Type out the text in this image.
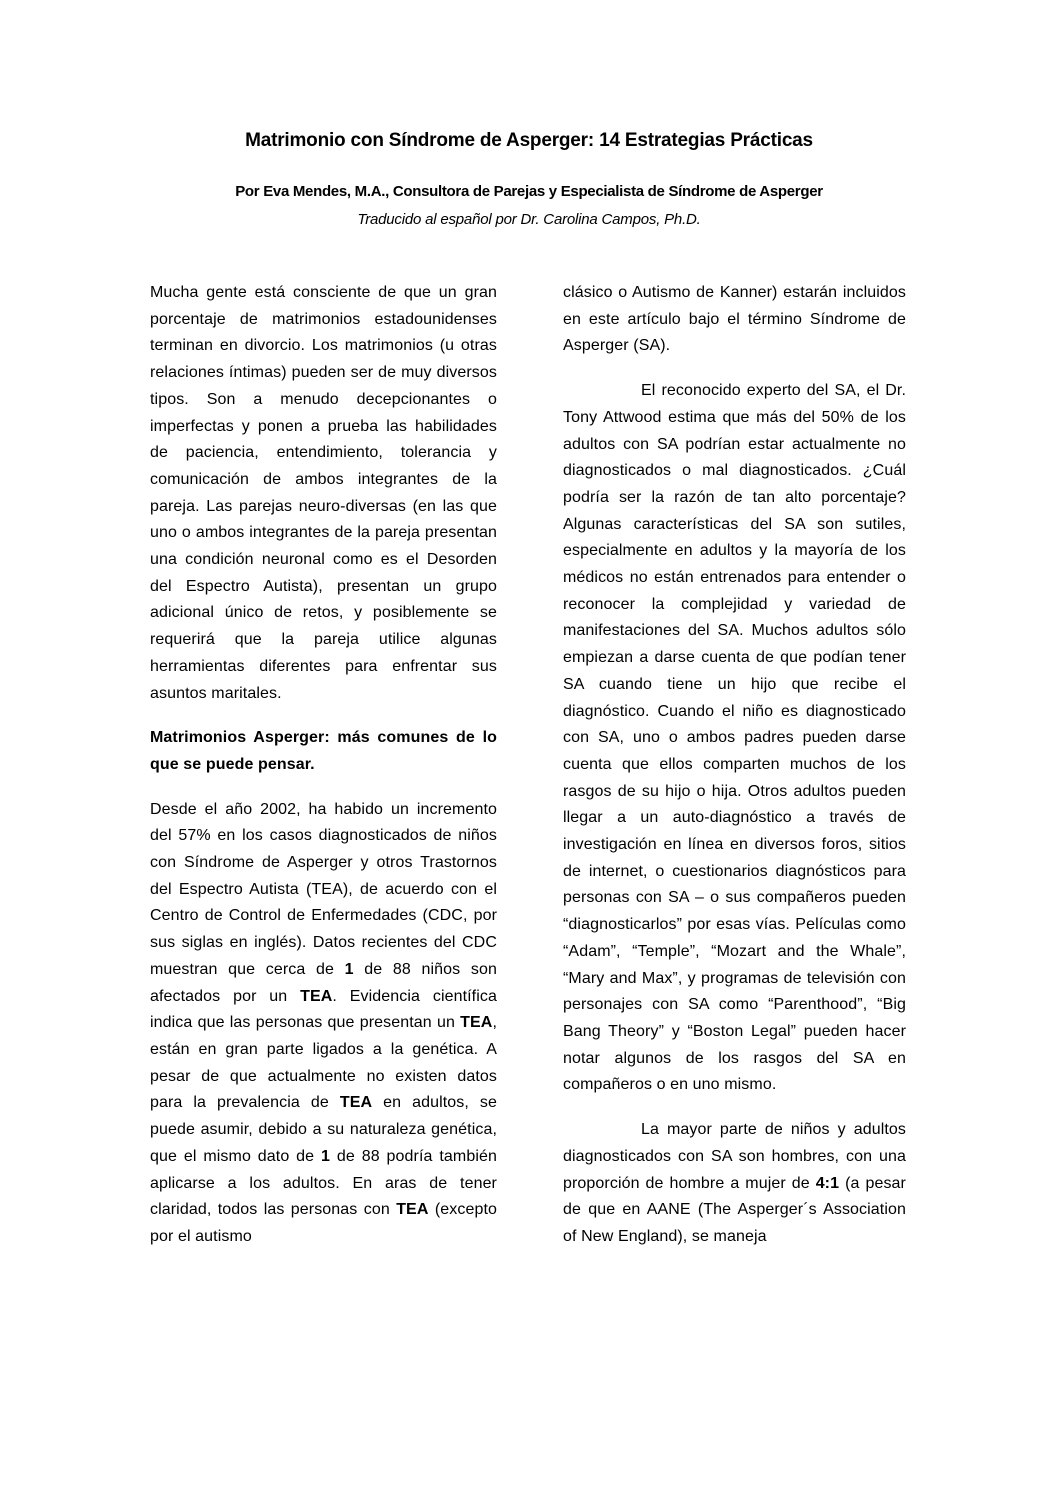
Matrimonio con Síndrome de Asperger: 14 Estrategias Prácticas
Por Eva Mendes, M.A., Consultora de Parejas y Especialista de Síndrome de Asperger
Traducido al español por Dr. Carolina Campos, Ph.D.

Mucha gente está consciente de que un gran porcentaje de matrimonios estadounidenses terminan en divorcio. Los matrimonios (u otras relaciones íntimas) pueden ser de muy diversos tipos. Son a menudo decepcionantes o imperfectas y ponen a prueba las habilidades de paciencia, entendimiento, tolerancia y comunicación de ambos integrantes de la pareja. Las parejas neuro-diversas (en las que uno o ambos integrantes de la pareja presentan una condición neuronal como es el Desorden del Espectro Autista), presentan un grupo adicional único de retos, y posiblemente se requerirá que la pareja utilice algunas herramientas diferentes para enfrentar sus asuntos maritales.

Matrimonios Asperger: más comunes de lo que se puede pensar.

Desde el año 2002, ha habido un incremento del 57% en los casos diagnosticados de niños con Síndrome de Asperger y otros Trastornos del Espectro Autista (TEA), de acuerdo con el Centro de Control de Enfermedades (CDC, por sus siglas en inglés). Datos recientes del CDC muestran que cerca de 1 de 88 niños son afectados por un TEA. Evidencia científica indica que las personas que presentan un TEA, están en gran parte ligados a la genética. A pesar de que actualmente no existen datos para la prevalencia de TEA en adultos, se puede asumir, debido a su naturaleza genética, que el mismo dato de 1 de 88 podría también aplicarse a los adultos. En aras de tener claridad, todos las personas con TEA (excepto por el autismo

clásico o Autismo de Kanner) estarán incluidos en este artículo bajo el término Síndrome de Asperger (SA).

El reconocido experto del SA, el Dr. Tony Attwood estima que más del 50% de los adultos con SA podrían estar actualmente no diagnosticados o mal diagnosticados. ¿Cuál podría ser la razón de tan alto porcentaje? Algunas características del SA son sutiles, especialmente en adultos y la mayoría de los médicos no están entrenados para entender o reconocer la complejidad y variedad de manifestaciones del SA. Muchos adultos sólo empiezan a darse cuenta de que podían tener SA cuando tiene un hijo que recibe el diagnóstico. Cuando el niño es diagnosticado con SA, uno o ambos padres pueden darse cuenta que ellos comparten muchos de los rasgos de su hijo o hija. Otros adultos pueden llegar a un auto-diagnóstico a través de investigación en línea en diversos foros, sitios de internet, o cuestionarios diagnósticos para personas con SA – o sus compañeros pueden “diagnosticarlos” por esas vías. Películas como “Adam”, “Temple”, “Mozart and the Whale”, “Mary and Max”, y programas de televisión con personajes con SA como “Parenthood”, “Big Bang Theory” y “Boston Legal” pueden hacer notar algunos de los rasgos del SA en compañeros o en uno mismo.

La mayor parte de niños y adultos diagnosticados con SA son hombres, con una proporción de hombre a mujer de 4:1 (a pesar de que en AANE (The Asperger´s Association of New England), se maneja
